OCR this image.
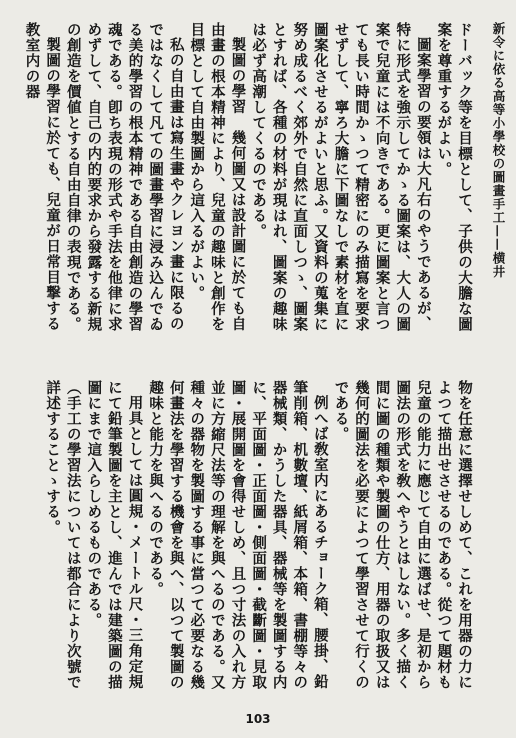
新令に依る高等小學校の圖畫手工——横井

ドーバック等を目標として、子供の大膽な圖案を尊重するがよい。

圖案學習の要領は大凡右のやうであるが、特に形式を強示してかゝる圖案は、大人の圖案で兒童には不向きである。更に圖案と言つても長い時間かゝつて精密にのみ描寫を要求せずして、寧ろ大膽に下圖なしで素材を直に圖案化させるがよいと思ふ。又資料の蒐集に努め成るべく郊外で自然に直面しつゝ、圖案とすれば、各種の材料が現はれ、圖案の趣味は必ず高潮してくるのである。

製圖の學習　幾何圖又は設計圖に於ても自由畫の根本精神により、兒童の趣味と創作を目標として自由製圖から這入るがよい。

私の自由畫は寫生畫やクレヨン畫に限るのではなくして凡ての圖畫學習に浸み込んでゐる美的學習の根本精神である自由創造の學習魂である。卽ち表現の形式や手法を他律に求めずして、自己の内的要求から發露する新規の創造を價値とする自由自律の表現である。

製圖の學習に於ても、兒童が日常目撃する教室内の器

物を任意に選擇せしめて、これを用器の力によつて描出せさせるのである。從つて題材も兒童の能力に應じて自由に選ばせ、是初から圖法の形式を敎へやうとはしない。多く描く間に圖の種類や製圖の仕方、用器の取扱又は幾何的圖法を必要によつて學習させて行くのである。

例へば敎室内にあるチョーク箱、腰掛、鉛筆削箱、机數壇、紙屑箱、本箱、書棚等々の器械類、かうした器具、器械等を製圖する内に、平面圖・正面圖・側面圖・截斷圖・見取圖・展開圖を會得せしめ、且つ寸法の入れ方並に方縮尺法等の理解を與へるのである。又種々の器物を製圖する事に當つて必要なる幾何畫法を學習する機會を與へ、以つて製圖の趣味と能力を與へるのである。

用具としては圓規・メートル尺・三角定規にて鉛筆製圖を主とし、進んでは建築圖の描圖にまで這入らしめるものである。

（手工の學習法については都合により次號で詳述することゝする。

103
